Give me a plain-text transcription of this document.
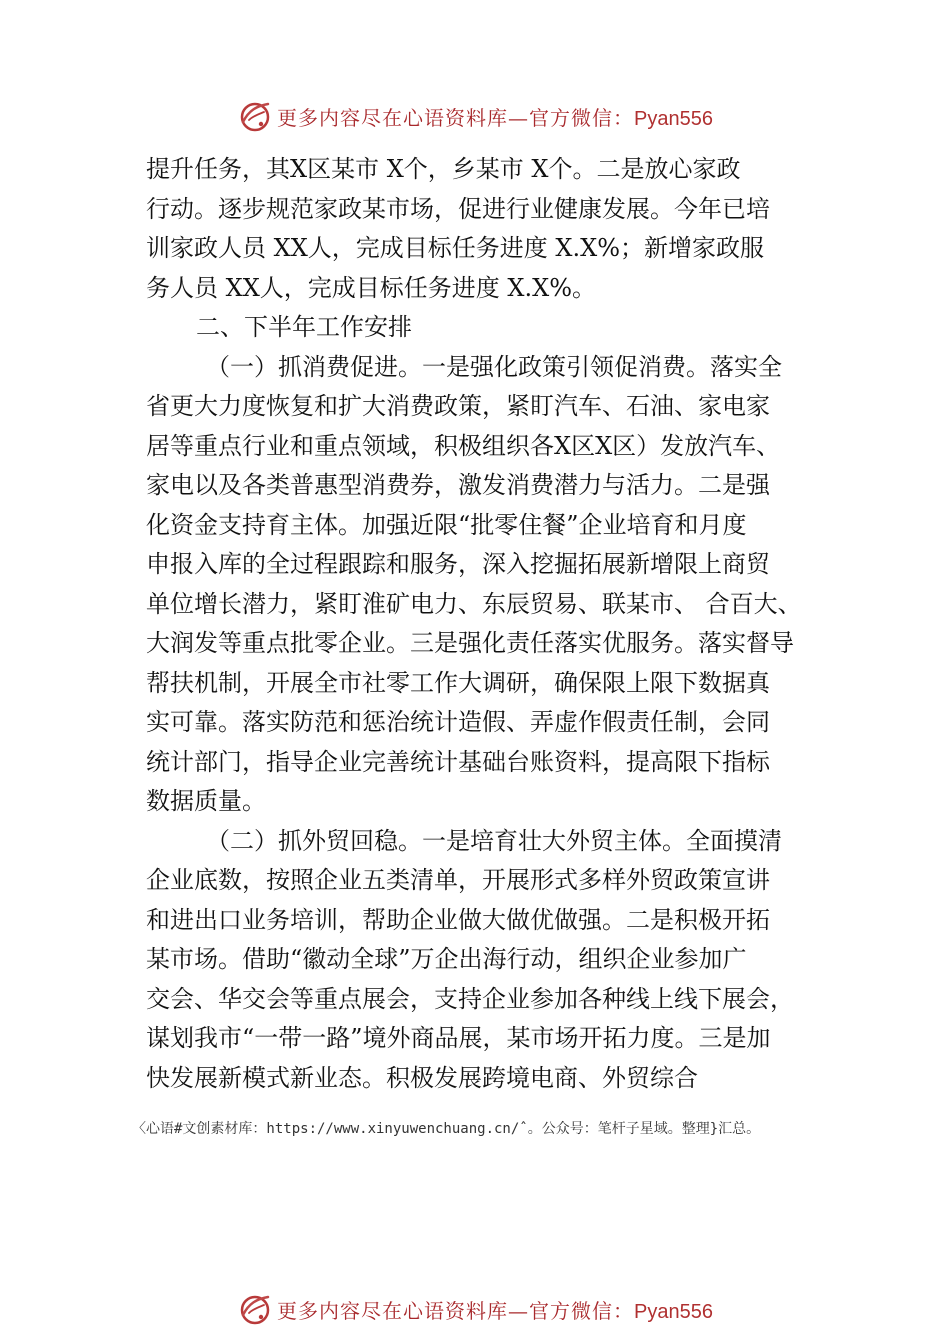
更多内容尽在心语资料库—官方微信：Pyan556
提升任务，其X区某市 X个，乡某市 X个。二是放心家政
行动。逐步规范家政某市场，促进行业健康发展。今年已培
训家政人员 XX人，完成目标任务进度 X.X%；新增家政服
务人员 XX人，完成目标任务进度 X.X%。
二、下半年工作安排
（一）抓消费促进。一是强化政策引领促消费。落实全
省更大力度恢复和扩大消费政策，紧盯汽车、石油、家电家
居等重点行业和重点领域，积极组织各X区X区）发放汽车、
家电以及各类普惠型消费券，激发消费潜力与活力。二是强
化资金支持育主体。加强近限“批零住餐”企业培育和月度
申报入库的全过程跟踪和服务，深入挖掘拓展新增限上商贸
单位增长潜力，紧盯淮矿电力、东辰贸易、联某市、 合百大、
大润发等重点批零企业。三是强化责任落实优服务。落实督导
帮扶机制，开展全市社零工作大调研，确保限上限下数据真
实可靠。落实防范和惩治统计造假、弄虚作假责任制，会同
统计部门，指导企业完善统计基础台账资料，提高限下指标
数据质量。
（二）抓外贸回稳。一是培育壮大外贸主体。全面摸清
企业底数，按照企业五类清单，开展形式多样外贸政策宣讲
和进出口业务培训，帮助企业做大做优做强。二是积极开拓
某市场。借助“徽动全球”万企出海行动，组织企业参加广
交会、华交会等重点展会，支持企业参加各种线上线下展会，
谋划我市“一带一路”境外商品展，某市场开拓力度。三是加
快发展新模式新业态。积极发展跨境电商、外贸综合
〈心语#文创素材库：https://www.xinyuwenchuang.cn/ˆ。公众号：笔杆子星域。整理}汇总。
更多内容尽在心语资料库—官方微信：Pyan556
